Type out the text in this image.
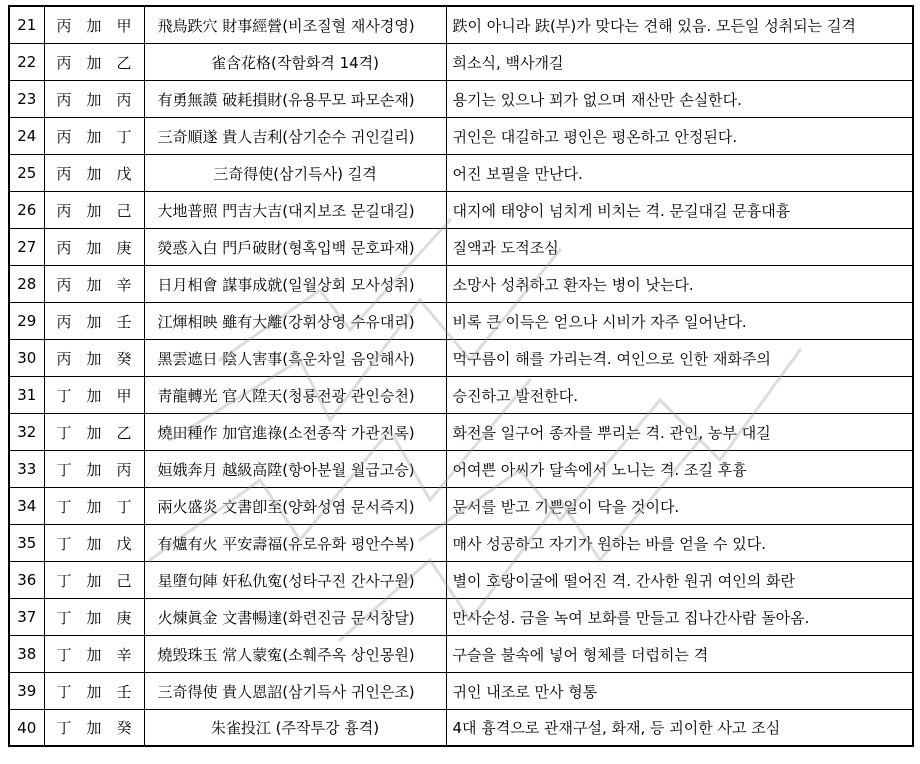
21	丙 加 甲	飛鳥跌穴 財事經營(비조질혈 재사경영)	跌이 아니라 趺(부)가 맞다는 견해 있음. 모든일 성취되는 길격
22	丙 加 乙	雀含花格(작함화격 14격)	희소식, 백사개길
23	丙 加 丙	有勇無謨 破耗損財(유용무모 파모손재)	용기는 있으나 꾀가 없으며 재산만 손실한다.
24	丙 加 丁	三奇順遂 貴人吉利(삼기순수 귀인길리)	귀인은 대길하고 평인은 평온하고 안정된다.
25	丙 加 戊	三奇得使(삼기득사) 길격	어진 보필을 만난다.
26	丙 加 己	大地普照 門吉大吉(대지보조 문길대길)	대지에 태양이 넘치게 비치는 격. 문길대길 문흉대흉
27	丙 加 庚	熒惑入白 門戶破財(형혹입백 문호파재)	질액과 도적조심
28	丙 加 辛	日月相會 謀事成就(일월상회 모사성취)	소망사 성취하고 환자는 병이 낫는다.
29	丙 加 壬	江煇相映 雖有大離(강휘상영 수유대리)	비록 큰 이득은 얻으나 시비가 자주 일어난다.
30	丙 加 癸	黑雲遮日 陰人害事(흑운차일 음인해사)	먹구름이 해를 가리는격. 여인으로 인한 재화주의
31	丁 加 甲	靑龍轉光 官人陞天(청룡전광 관인승천)	승진하고 발전한다.
32	丁 加 乙	燒田種作 加官進祿(소전종작 가관진록)	화전을 일구어 종자를 뿌리는 격. 관인, 농부 대길
33	丁 加 丙	姮娥奔月 越級高陞(항아분월 월급고승)	어여쁜 아씨가 달속에서 노니는 격. 조길 후흉
34	丁 加 丁	兩火盛炎 文書卽至(양화성염 문서즉지)	문서를 받고 기쁜일이 닥을 것이다.
35	丁 加 戊	有爐有火 平安壽福(유로유화 평안수복)	매사 성공하고 자기가 원하는 바를 얻을 수 있다.
36	丁 加 己	星墮句陣 奸私仇寃(성타구진 간사구원)	별이 호랑이굴에 떨어진 격. 간사한 원귀 여인의 화란
37	丁 加 庚	火煉眞金 文書暢達(화련진금 문서창달)	만사순성. 금을 녹여 보화를 만들고 집나간사람 돌아옴.
38	丁 加 辛	燒毁珠玉 常人蒙寃(소훼주옥 상인몽원)	구슬을 불속에 넣어 형체를 더럽히는 격
39	丁 加 壬	三奇得使 貴人恩詔(삼기득사 귀인은조)	귀인 내조로 만사 형통
40	丁 加 癸	朱雀投江 (주작투강 흉격)	4대 흉격으로 관재구설, 화재, 등 괴이한 사고 조심
